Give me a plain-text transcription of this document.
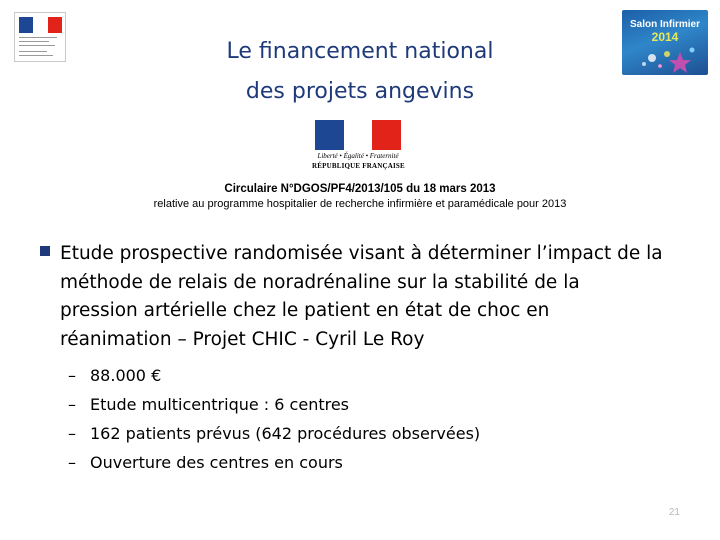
Le financement national
des projets angevins
Salon Infirmier
2014
Liberté • Égalité • Fraternité
RÉPUBLIQUE FRANÇAISE
Circulaire N°DGOS/PF4/2013/105 du 18 mars 2013
relative au programme hospitalier de recherche infirmière et paramédicale pour 2013
Etude prospective randomisée visant à déterminer l’impact de la
méthode de relais de noradrénaline sur la stabilité de la
pression artérielle chez le patient en état de choc en
réanimation – Projet CHIC - Cyril Le Roy
– 88.000 €
– Etude multicentrique : 6 centres
– 162 patients prévus (642 procédures observées)
– Ouverture des centres en cours
21
